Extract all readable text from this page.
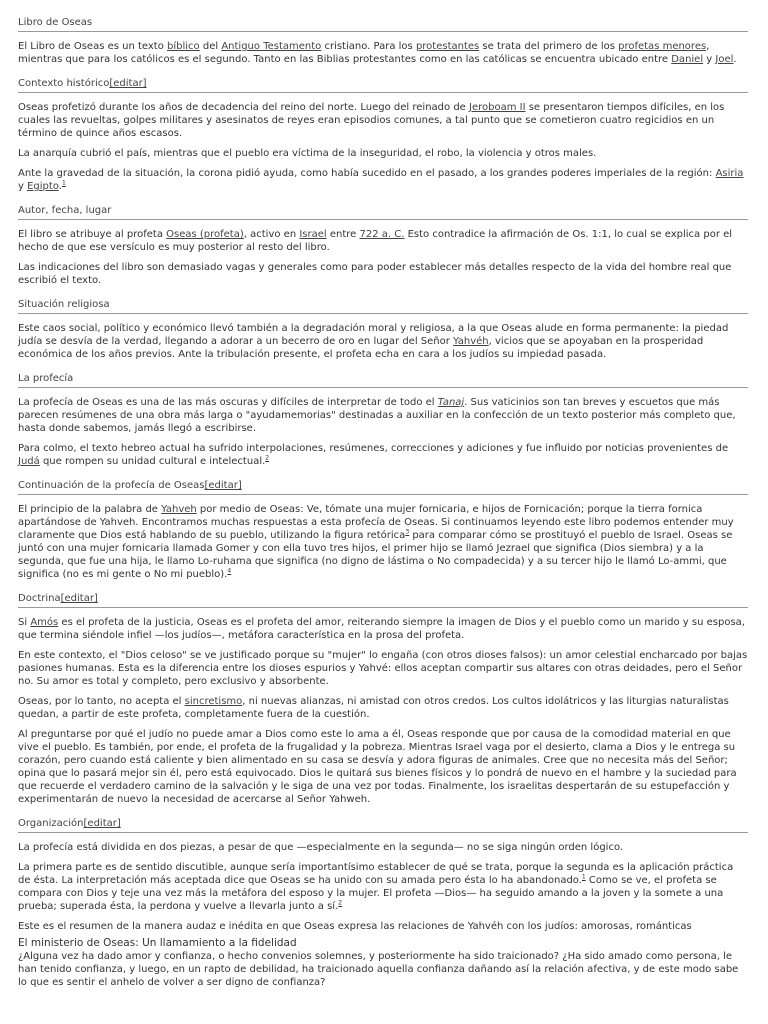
Libro de Oseas

El Libro de Oseas es un texto bíblico del Antiguo Testamento cristiano. Para los protestantes se trata del primero de los profetas menores, mientras que para los católicos es el segundo. Tanto en las Biblias protestantes como en las católicas se encuentra ubicado entre Daniel y Joel.

Contexto histórico[editar]

Oseas profetizó durante los años de decadencia del reino del norte. Luego del reinado de Jeroboam II se presentaron tiempos difíciles, en los cuales las revueltas, golpes militares y asesinatos de reyes eran episodios comunes, a tal punto que se cometieron cuatro regicidios en un término de quince años escasos.

La anarquía cubrió el país, mientras que el pueblo era víctima de la inseguridad, el robo, la violencia y otros males.

Ante la gravedad de la situación, la corona pidió ayuda, como había sucedido en el pasado, a los grandes poderes imperiales de la región: Asiria y Egipto.$^1$

Autor, fecha, lugar

El libro se atribuye al profeta Oseas (profeta), activo en Israel entre 722 a. C. Esto contradice la afirmación de Os. 1:1, lo cual se explica por el hecho de que ese versículo es muy posterior al resto del libro.

Las indicaciones del libro son demasiado vagas y generales como para poder establecer más detalles respecto de la vida del hombre real que escribió el texto.

Situación religiosa

Este caos social, político y económico llevó también a la degradación moral y religiosa, a la que Oseas alude en forma permanente: la piedad judía se desvía de la verdad, llegando a adorar a un becerro de oro en lugar del Señor Yahvéh, vicios que se apoyaban en la prosperidad económica de los años previos. Ante la tribulación presente, el profeta echa en cara a los judíos su impiedad pasada.

La profecía

La profecía de Oseas es una de las más oscuras y difíciles de interpretar de todo el Tanaj. Sus vaticinios son tan breves y escuetos que más parecen resúmenes de una obra más larga o "ayudamemorias" destinadas a auxiliar en la confección de un texto posterior más completo que, hasta donde sabemos, jamás llegó a escribirse.

Para colmo, el texto hebreo actual ha sufrido interpolaciones, resúmenes, correcciones y adiciones y fue influido por noticias provenientes de Judá que rompen su unidad cultural e intelectual.$^2$

Continuación de la profecía de Oseas[editar]

El principio de la palabra de Yahveh por medio de Oseas: Ve, tómate una mujer fornicaria, e hijos de Fornicación; porque la tierra fornica apartándose de Yahveh. Encontramos muchas respuestas a esta profecía de Oseas. Si continuamos leyendo este libro podemos entender muy claramente que Dios está hablando de su pueblo, utilizando la figura retórica$^3$ para comparar cómo se prostituyó el pueblo de Israel. Oseas se juntó con una mujer fornicaria llamada Gomer y con ella tuvo tres hijos, el primer hijo se llamó Jezrael que significa (Dios siembra) y a la segunda, que fue una hija, le llamo Lo-ruhama que significa (no digno de lástima o No compadecida) y a su tercer hijo le llamó Lo-ammi, que significa (no es mi gente o No mi pueblo).$^4$

Doctrina[editar]

Si Amós es el profeta de la justicia, Oseas es el profeta del amor, reiterando siempre la imagen de Dios y el pueblo como un marido y su esposa, que termina siéndole infiel —los judíos—, metáfora característica en la prosa del profeta.

En este contexto, el "Dios celoso" se ve justificado porque su "mujer" lo engaña (con otros dioses falsos): un amor celestial encharcado por bajas pasiones humanas. Esta es la diferencia entre los dioses espurios y Yahvé: ellos aceptan compartir sus altares con otras deidades, pero el Señor no. Su amor es total y completo, pero exclusivo y absorbente.

Oseas, por lo tanto, no acepta el sincretismo, ni nuevas alianzas, ni amistad con otros credos. Los cultos idolátricos y las liturgias naturalistas quedan, a partir de este profeta, completamente fuera de la cuestión.

Al preguntarse por qué el judío no puede amar a Dios como este lo ama a él, Oseas responde que por causa de la comodidad material en que vive el pueblo. Es también, por ende, el profeta de la frugalidad y la pobreza. Mientras Israel vaga por el desierto, clama a Dios y le entrega su corazón, pero cuando está caliente y bien alimentado en su casa se desvía y adora figuras de animales. Cree que no necesita más del Señor; opina que lo pasará mejor sin él, pero está equivocado. Dios le quitará sus bienes físicos y lo pondrá de nuevo en el hambre y la suciedad para que recuerde el verdadero camino de la salvación y le siga de una vez por todas. Finalmente, los israelitas despertarán de su estupefacción y experimentarán de nuevo la necesidad de acercarse al Señor Yahweh.

Organización[editar]

La profecía está dividida en dos piezas, a pesar de que —especialmente en la segunda— no se siga ningún orden lógico.

La primera parte es de sentido discutible, aunque sería importantísimo establecer de qué se trata, porque la segunda es la aplicación práctica de ésta. La interpretación más aceptada dice que Oseas se ha unido con su amada pero ésta lo ha abandonado.$^1$ Como se ve, el profeta se compara con Dios y teje una vez más la metáfora del esposo y la mujer. El profeta —Dios— ha seguido amando a la joven y la somete a una prueba; superada ésta, la perdona y vuelve a llevarla junto a sí.$^2$

Este es el resumen de la manera audaz e inédita en que Oseas expresa las relaciones de Yahvéh con los judíos: amorosas, románticas

El ministerio de Oseas: Un llamamiento a la fidelidad

¿Alguna vez ha dado amor y confianza, o hecho convenios solemnes, y posteriormente ha sido traicionado? ¿Ha sido amado como persona, le han tenido confianza, y luego, en un rapto de debilidad, ha traicionado aquella confianza dañando así la relación afectiva, y de este modo sabe lo que es sentir el anhelo de volver a ser digno de confianza?
